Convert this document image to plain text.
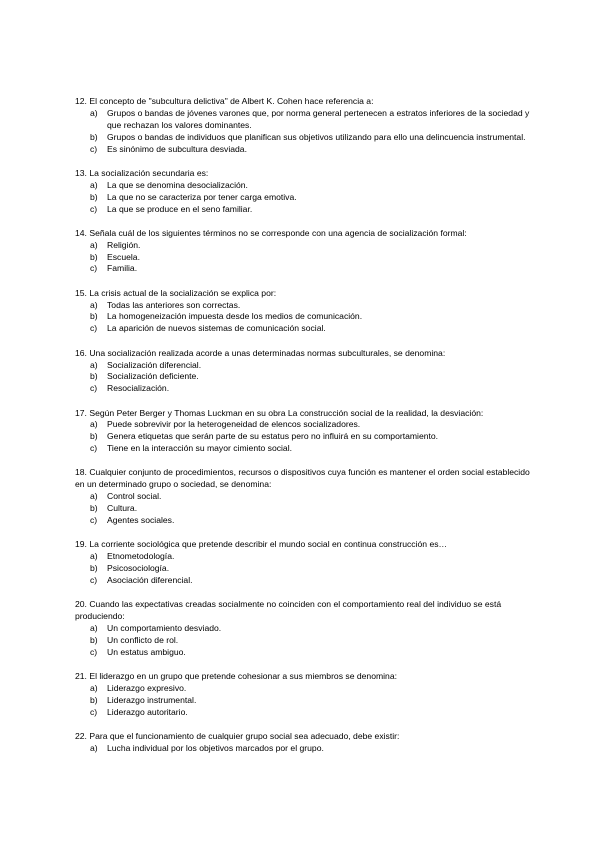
12. El concepto de "subcultura delictiva" de Albert K. Cohen hace referencia a:

a)	Grupos o bandas de jóvenes varones que, por norma general pertenecen a estratos inferiores de la sociedad y que rechazan los valores dominantes.
b)	Grupos o bandas de individuos que planifican sus objetivos utilizando para ello una delincuencia instrumental.
c)	Es sinónimo de subcultura desviada.

13. La socialización secundaria es:

a)	La que se denomina desocialización.
b)	La que no se caracteriza por tener carga emotiva.
c)	La que se produce en el seno familiar.

14. Señala cuál de los siguientes términos no se corresponde con una agencia de socialización formal:

a)	Religión.
b)	Escuela.
c)	Familia.

15. La crisis actual de la socialización se explica por:

a)	Todas las anteriores son correctas.
b)	La homogeneización impuesta desde los medios de comunicación.
c)	La aparición de nuevos sistemas de comunicación social.

16. Una socialización realizada acorde a unas determinadas normas subculturales, se denomina:

a)	Socialización diferencial.
b)	Socialización deficiente.
c)	Resocialización.

17. Según Peter Berger y Thomas Luckman en su obra La construcción social de la realidad, la desviación:

a)	Puede sobrevivir por la heterogeneidad de elencos socializadores.
b)	Genera etiquetas que serán parte de su estatus pero no influirá en su comportamiento.
c)	Tiene en la interacción su mayor cimiento social.

18. Cualquier conjunto de procedimientos, recursos o dispositivos cuya función es mantener el orden social establecido en un determinado grupo o sociedad, se denomina:

a)	Control social.
b)	Cultura.
c)	Agentes sociales.

19. La corriente sociológica que pretende describir el mundo social en continua construcción es…

a)	Etnometodología.
b)	Psicosociología.
c)	Asociación diferencial.

20. Cuando las expectativas creadas socialmente no coinciden con el comportamiento real del individuo se está produciendo:

a)	Un comportamiento desviado.
b)	Un conflicto de rol.
c)	Un estatus ambiguo.

21. El liderazgo en un grupo que pretende cohesionar a sus miembros se denomina:

a)	Liderazgo expresivo.
b)	Liderazgo instrumental.
c)	Liderazgo autoritario.

22. Para que el funcionamiento de cualquier grupo social sea adecuado, debe existir:

a)	Lucha individual por los objetivos marcados por el grupo.
